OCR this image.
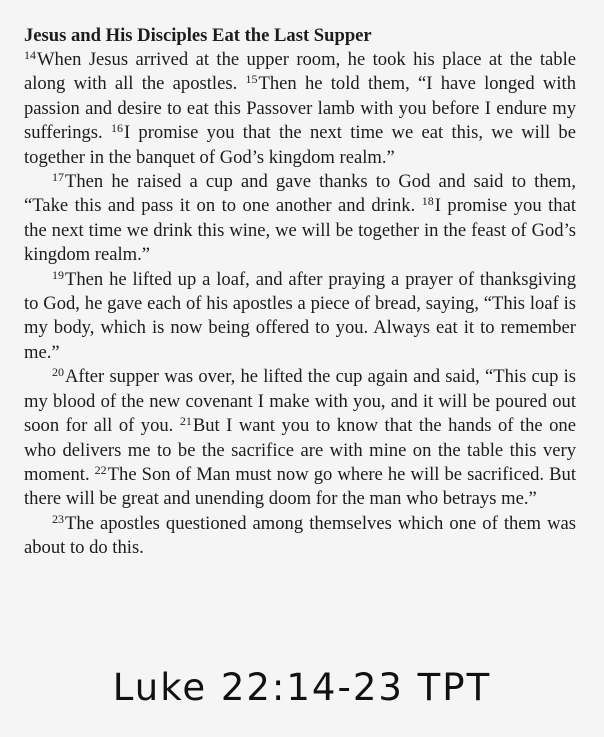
Jesus and His Disciples Eat the Last Supper

$^{14}$When Jesus arrived at the upper room, he took his place at the table along with all the apostles. $^{15}$Then he told them, “I have longed with passion and desire to eat this Passover lamb with you before I endure my sufferings. $^{16}$I promise you that the next time we eat this, we will be together in the banquet of God’s kingdom realm.”

$^{17}$Then he raised a cup and gave thanks to God and said to them, “Take this and pass it on to one another and drink. $^{18}$I promise you that the next time we drink this wine, we will be together in the feast of God’s kingdom realm.”

$^{19}$Then he lifted up a loaf, and after praying a prayer of thanksgiving to God, he gave each of his apostles a piece of bread, saying, “This loaf is my body, which is now being offered to you. Always eat it to remember me.”

$^{20}$After supper was over, he lifted the cup again and said, “This cup is my blood of the new covenant I make with you, and it will be poured out soon for all of you. $^{21}$But I want you to know that the hands of the one who delivers me to be the sacrifice are with mine on the table this very moment. $^{22}$The Son of Man must now go where he will be sacrificed. But there will be great and unending doom for the man who betrays me.”

$^{23}$The apostles questioned among themselves which one of them was about to do this.

Luke 22:14-23 TPT
